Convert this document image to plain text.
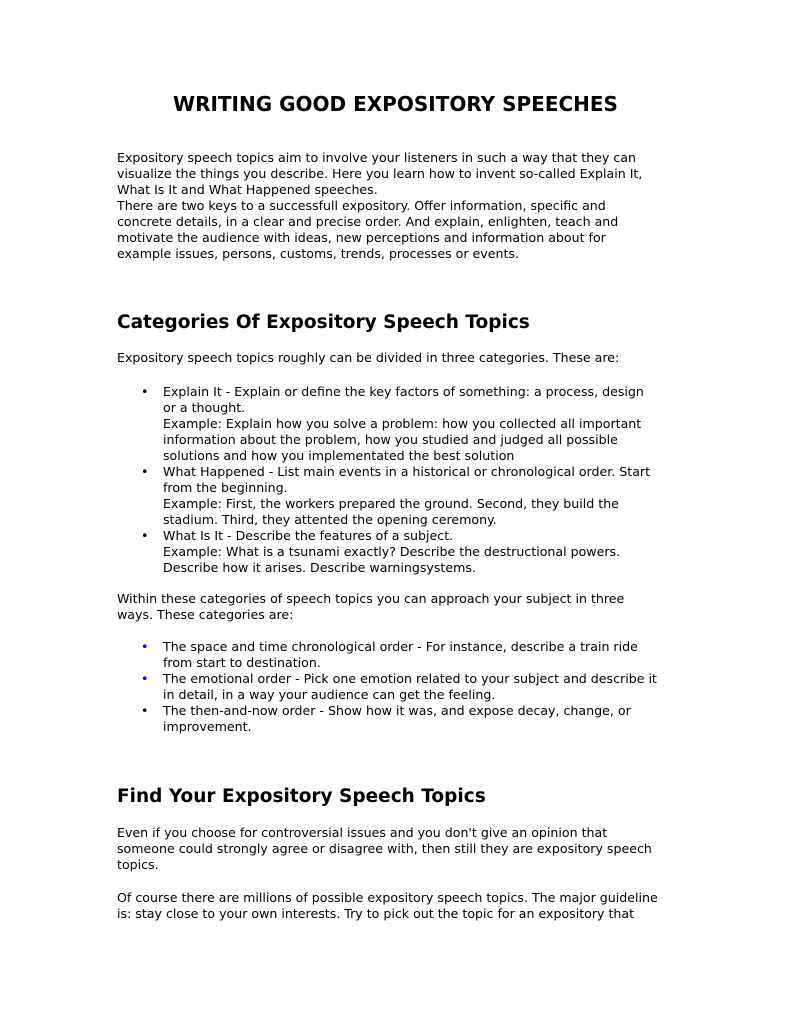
WRITING GOOD EXPOSITORY SPEECHES
Expository speech topics aim to involve your listeners in such a way that they can
visualize the things you describe. Here you learn how to invent so-called Explain It,
What Is It and What Happened speeches.
There are two keys to a successfull expository. Offer information, specific and
concrete details, in a clear and precise order. And explain, enlighten, teach and
motivate the audience with ideas, new perceptions and information about for
example issues, persons, customs, trends, processes or events.
Categories Of Expository Speech Topics
Expository speech topics roughly can be divided in three categories. These are:
• Explain It - Explain or define the key factors of something: a process, design
or a thought.
Example: Explain how you solve a problem: how you collected all important
information about the problem, how you studied and judged all possible
solutions and how you implementated the best solution
• What Happened - List main events in a historical or chronological order. Start
from the beginning.
Example: First, the workers prepared the ground. Second, they build the
stadium. Third, they attented the opening ceremony.
• What Is It - Describe the features of a subject.
Example: What is a tsunami exactly? Describe the destructional powers.
Describe how it arises. Describe warningsystems.
Within these categories of speech topics you can approach your subject in three
ways. These categories are:
• The space and time chronological order - For instance, describe a train ride
from start to destination.
• The emotional order - Pick one emotion related to your subject and describe it
in detail, in a way your audience can get the feeling.
• The then-and-now order - Show how it was, and expose decay, change, or
improvement.
Find Your Expository Speech Topics
Even if you choose for controversial issues and you don't give an opinion that
someone could strongly agree or disagree with, then still they are expository speech
topics.
Of course there are millions of possible expository speech topics. The major guideline
is: stay close to your own interests. Try to pick out the topic for an expository that
